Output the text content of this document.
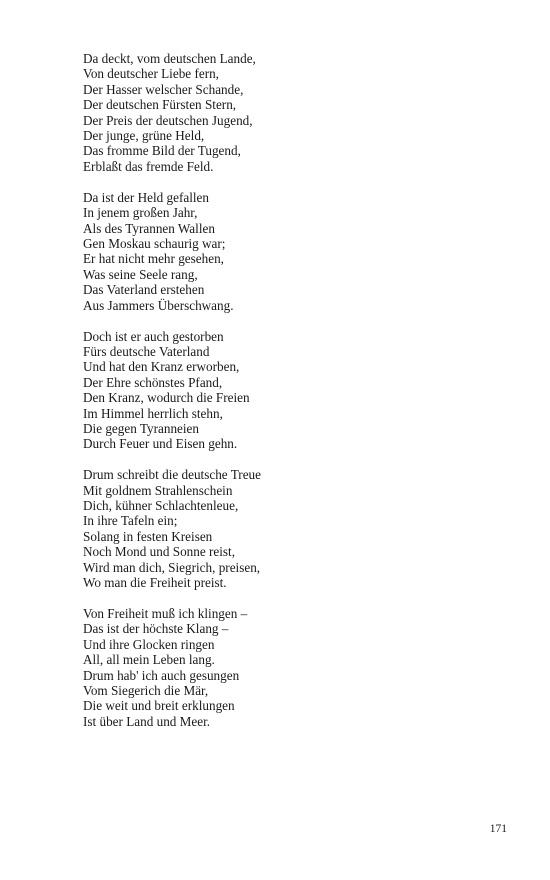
Da deckt, vom deutschen Lande,
Von deutscher Liebe fern,
Der Hasser welscher Schande,
Der deutschen Fürsten Stern,
Der Preis der deutschen Jugend,
Der junge, grüne Held,
Das fromme Bild der Tugend,
Erblaßt das fremde Feld.
Da ist der Held gefallen
In jenem großen Jahr,
Als des Tyrannen Wallen
Gen Moskau schaurig war;
Er hat nicht mehr gesehen,
Was seine Seele rang,
Das Vaterland erstehen
Aus Jammers Überschwang.
Doch ist er auch gestorben
Fürs deutsche Vaterland
Und hat den Kranz erworben,
Der Ehre schönstes Pfand,
Den Kranz, wodurch die Freien
Im Himmel herrlich stehn,
Die gegen Tyranneien
Durch Feuer und Eisen gehn.
Drum schreibt die deutsche Treue
Mit goldnem Strahlenschein
Dich, kühner Schlachtenleue,
In ihre Tafeln ein;
Solang in festen Kreisen
Noch Mond und Sonne reist,
Wird man dich, Siegrich, preisen,
Wo man die Freiheit preist.
Von Freiheit muß ich klingen –
Das ist der höchste Klang –
Und ihre Glocken ringen
All, all mein Leben lang.
Drum hab' ich auch gesungen
Vom Siegerich die Mär,
Die weit und breit erklungen
Ist über Land und Meer.
171
